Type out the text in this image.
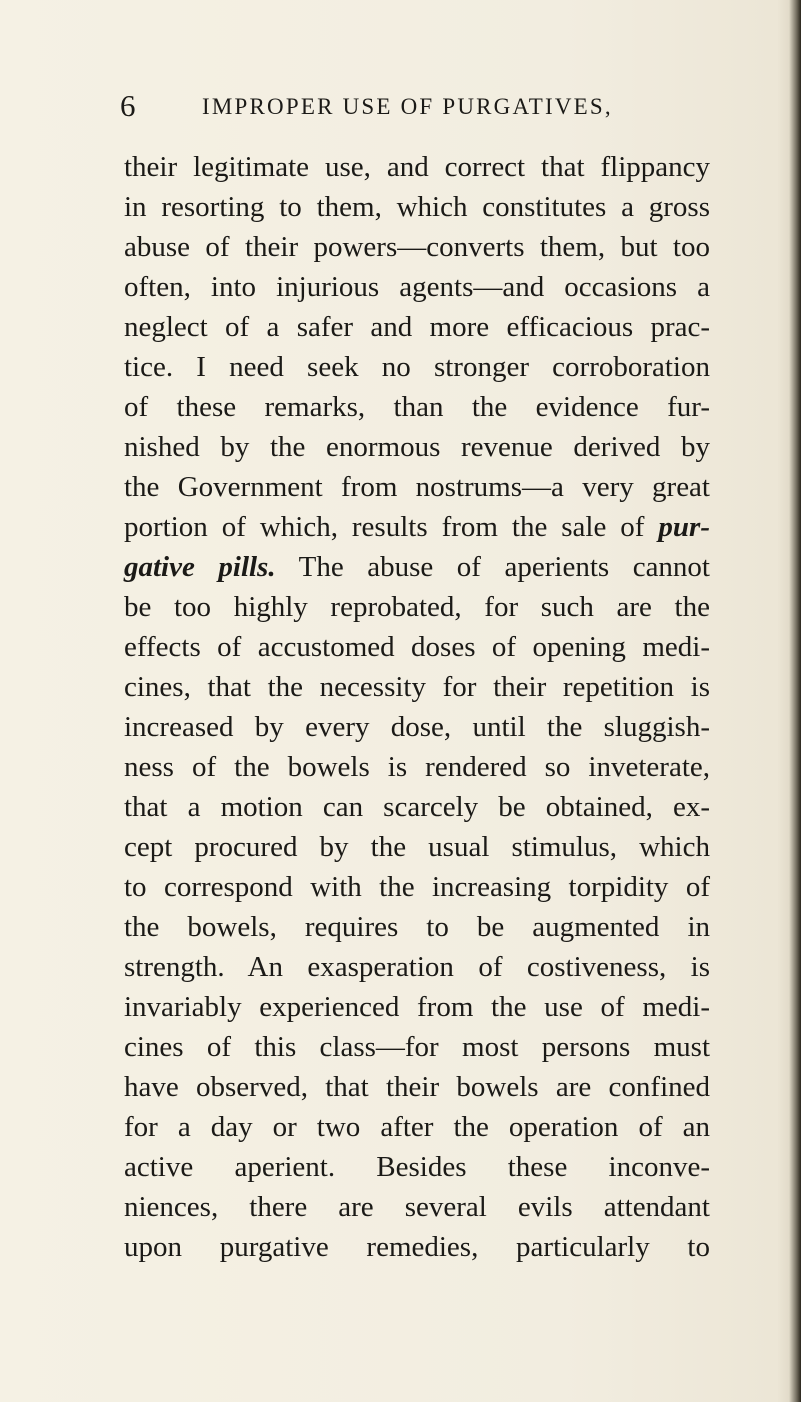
6	IMPROPER USE OF PURGATIVES,
their legitimate use, and correct that flippancy
in resorting to them, which constitutes a gross
abuse of their powers—converts them, but too
often, into injurious agents—and occasions a
neglect of a safer and more efficacious prac-
tice. I need seek no stronger corroboration
of these remarks, than the evidence fur-
nished by the enormous revenue derived by
the Government from nostrums—a very great
portion of which, results from the sale of pur-
gative pills. The abuse of aperients cannot
be too highly reprobated, for such are the
effects of accustomed doses of opening medi-
cines, that the necessity for their repetition is
increased by every dose, until the sluggish-
ness of the bowels is rendered so inveterate,
that a motion can scarcely be obtained, ex-
cept procured by the usual stimulus, which
to correspond with the increasing torpidity of
the bowels, requires to be augmented in
strength. An exasperation of costiveness, is
invariably experienced from the use of medi-
cines of this class—for most persons must
have observed, that their bowels are confined
for a day or two after the operation of an
active aperient. Besides these inconve-
niences, there are several evils attendant
upon purgative remedies, particularly to
